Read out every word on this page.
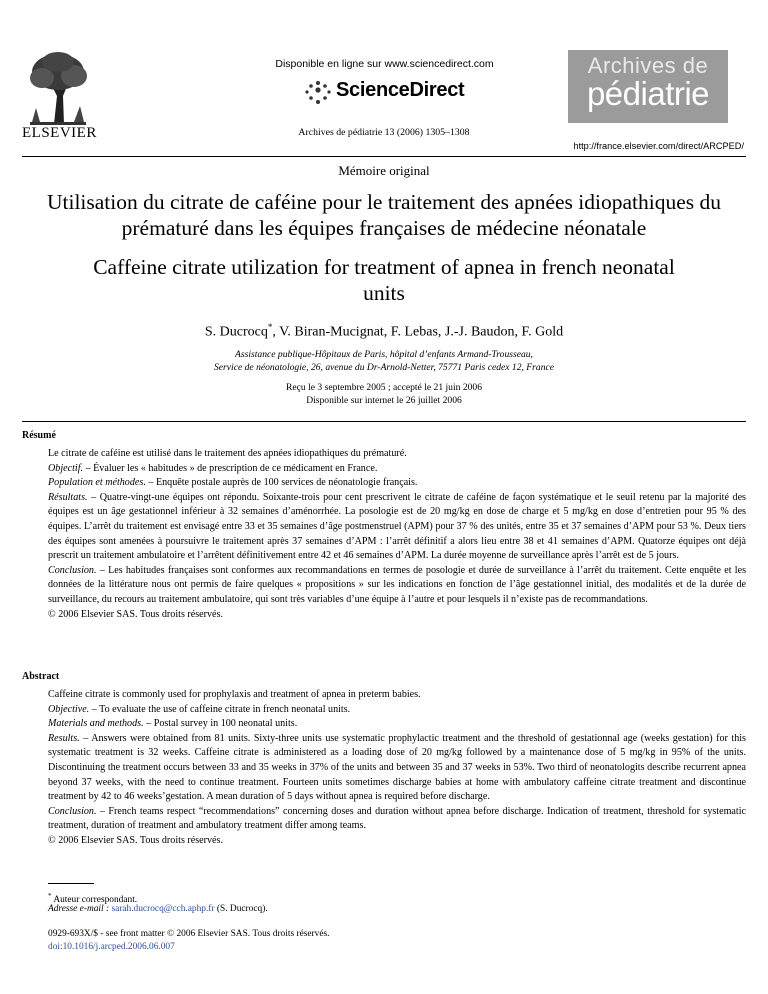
ELSEVIER
Disponible en ligne sur www.sciencedirect.com
ScienceDirect
Archives de pédiatrie 13 (2006) 1305–1308
Archives de
pédiatrie
http://france.elsevier.com/direct/ARCPED/
Mémoire original
Utilisation du citrate de caféine pour le traitement des apnées idiopathiques du prématuré dans les équipes françaises de médecine néonatale
Caffeine citrate utilization for treatment of apnea in french neonatal units
S. Ducrocq*, V. Biran-Mucignat, F. Lebas, J.-J. Baudon, F. Gold
Assistance publique-Hôpitaux de Paris, hôpital d’enfants Armand-Trousseau,
Service de néonatologie, 26, avenue du Dr-Arnold-Netter, 75771 Paris cedex 12, France
Reçu le 3 septembre 2005 ; accepté le 21 juin 2006
Disponible sur internet le 26 juillet 2006
Résumé

Le citrate de caféine est utilisé dans le traitement des apnées idiopathiques du prématuré.

Objectif. – Évaluer les « habitudes » de prescription de ce médicament en France.

Population et méthodes. – Enquête postale auprès de 100 services de néonatologie français.

Résultats. – Quatre-vingt-une équipes ont répondu. Soixante-trois pour cent prescrivent le citrate de caféine de façon systématique et le seuil retenu par la majorité des équipes est un âge gestationnel inférieur à 32 semaines d’aménorrhée. La posologie est de 20 mg/kg en dose de charge et 5 mg/kg en dose d’entretien pour 95 % des équipes. L’arrêt du traitement est envisagé entre 33 et 35 semaines d’âge postmenstruel (APM) pour 37 % des unités, entre 35 et 37 semaines d’APM pour 53 %. Deux tiers des équipes sont amenées à poursuivre le traitement après 37 semaines d’APM : l’arrêt définitif a alors lieu entre 38 et 41 semaines d’APM. Quatorze équipes ont déjà prescrit un traitement ambulatoire et l’arrêtent définitivement entre 42 et 46 semaines d’APM. La durée moyenne de surveillance après l’arrêt est de 5 jours.

Conclusion. – Les habitudes françaises sont conformes aux recommandations en termes de posologie et durée de surveillance à l’arrêt du traitement. Cette enquête et les données de la littérature nous ont permis de faire quelques « propositions » sur les indications en fonction de l’âge gestationnel initial, des modalités et de la durée de surveillance, du recours au traitement ambulatoire, qui sont très variables d’une équipe à l’autre et pour lesquels il n’existe pas de recommandations.

© 2006 Elsevier SAS. Tous droits réservés.

Abstract

Caffeine citrate is commonly used for prophylaxis and treatment of apnea in preterm babies.

Objective. – To evaluate the use of caffeine citrate in french neonatal units.

Materials and methods. – Postal survey in 100 neonatal units.

Results. – Answers were obtained from 81 units. Sixty-three units use systematic prophylactic treatment and the threshold of gestationnal age (weeks gestation) for this systematic treatment is 32 weeks. Caffeine citrate is administered as a loading dose of 20 mg/kg followed by a maintenance dose of 5 mg/kg in 95% of the units. Discontinuing the treatment occurs between 33 and 35 weeks in 37% of the units and between 35 and 37 weeks in 53%. Two third of neonatologits describe recurrent apnea beyond 37 weeks, with the need to continue treatment. Fourteen units sometimes discharge babies at home with ambulatory caffeine citrate treatment and discontinue treatment by 42 to 46 weeks’gestation. A mean duration of 5 days without apnea is required before discharge.

Conclusion. – French teams respect “recommendations” concerning doses and duration without apnea before discharge. Indication of treatment, threshold for systematic treatment, duration of treatment and ambulatory treatment differ among teams.

© 2006 Elsevier SAS. Tous droits réservés.

* Auteur correspondant.
Adresse e-mail : sarah.ducrocq@cch.aphp.fr (S. Ducrocq).
0929-693X/$ - see front matter © 2006 Elsevier SAS. Tous droits réservés.
doi:10.1016/j.arcped.2006.06.007
